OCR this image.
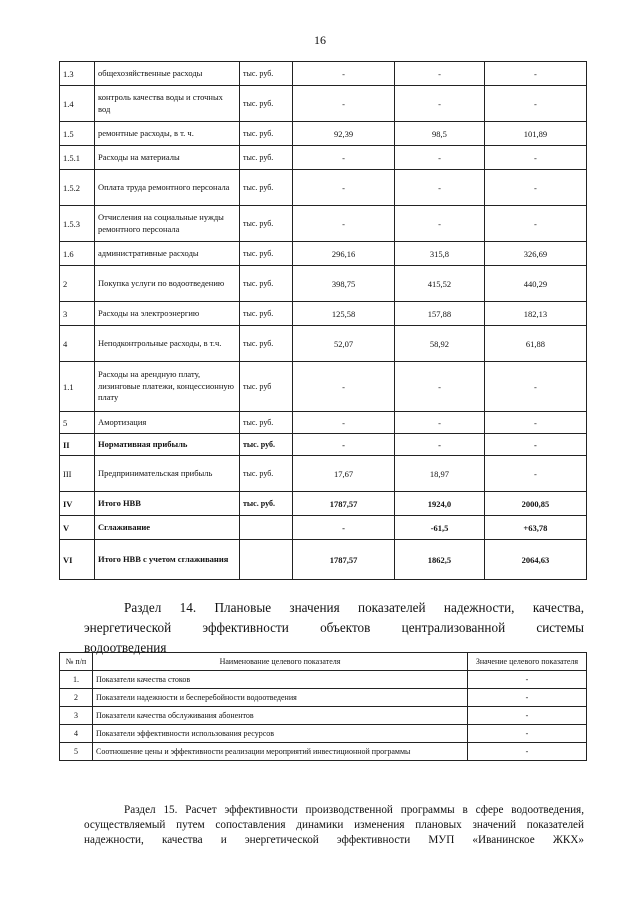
16
1.3	общехозяйственные расходы	тыс. руб.	-	-	-
1.4	контроль качества воды и сточных вод	тыс. руб.	-	-	-
1.5	ремонтные расходы, в т. ч.	тыс. руб.	92,39	98,5	101,89
1.5.1	Расходы на материалы	тыс. руб.	-	-	-
1.5.2	Оплата труда ремонтного персонала	тыс. руб.	-	-	-
1.5.3	Отчисления на социальные нужды ремонтного персонала	тыс. руб.	-	-	-
1.6	административные расходы	тыс. руб.	296,16	315,8	326,69
2	Покупка услуги по водоотведению	тыс. руб.	398,75	415,52	440,29
3	Расходы на электроэнергию	тыс. руб.	125,58	157,88	182,13
4	Неподконтрольные расходы, в т.ч.	тыс. руб.	52,07	58,92	61,88
1.1	Расходы на арендную плату, лизинговые платежи, концессионную плату	тыс. руб	-	-	-
5	Амортизация	тыс. руб.	-	-	-
II	Нормативная прибыль	тыс. руб.	-	-	-
III	Предпринимательская прибыль	тыс. руб.	17,67	18,97	-
IV	Итого НВВ	тыс. руб.	1787,57	1924,0	2000,85
V	Сглаживание		-	-61,5	+63,78
VI	Итого НВВ с учетом сглаживания		1787,57	1862,5	2064,63
Раздел 14. Плановые значения показателей надежности, качества,
энергетической эффективности объектов централизованной системы
водоотведения
№ п/п	Наименование целевого показателя	Значение целевого показателя
1.	Показатели качества стоков	-
2	Показатели надежности и бесперебойности водоотведения	-
3	Показатели качества обслуживания абонентов	-
4	Показатели эффективности использования ресурсов	-
5	Соотношение цены и эффективности реализации мероприятий инвестиционной программы	-
Раздел 15. Расчет эффективности производственной программы в сфере водоотведения,
осуществляемый путем сопоставления динамики изменения плановых значений показателей
надежности, качества и энергетической эффективности МУП «Иванинское ЖКХ»
